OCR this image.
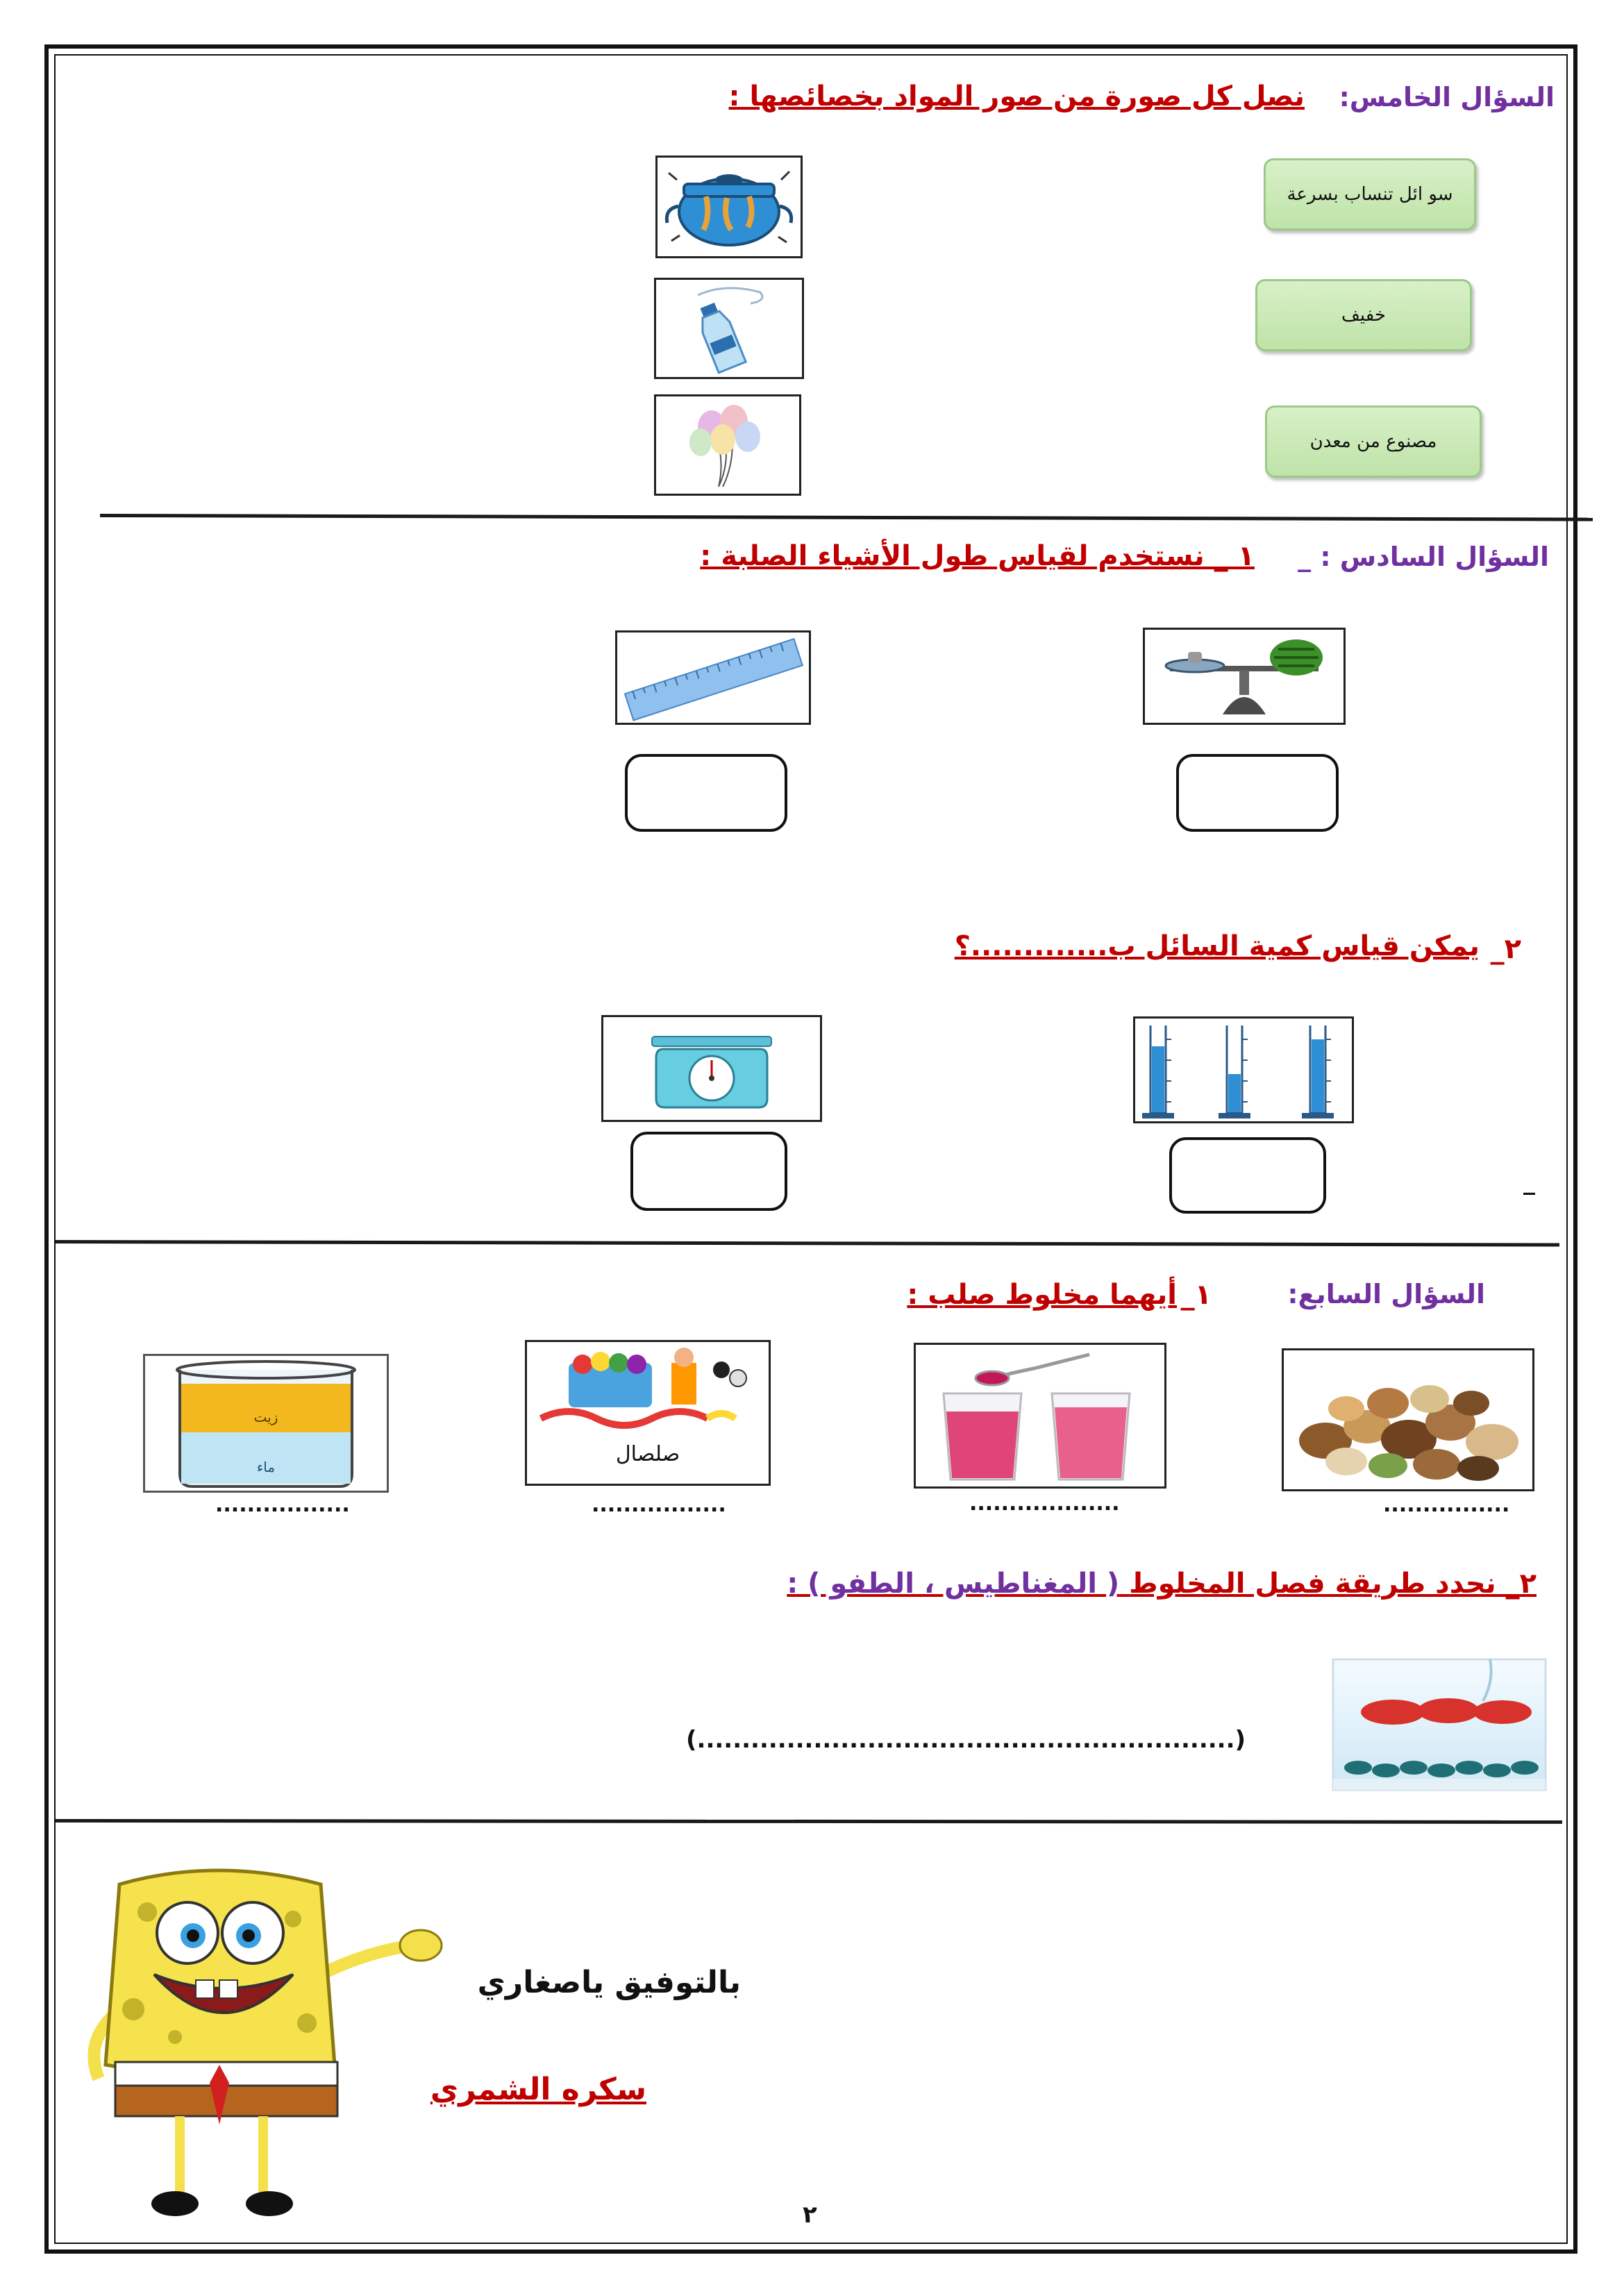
السؤال الخامس:
نصل كل صورة من صور المواد بخصائصها :
سو ائل تنساب بسرعة
خفيف
مصنوع من معدن
السؤال السادس : _
١ _ نستخدم لقياس طول الأشياء الصلبة :
٢_
يمكن قياس كمية السائل ب.............؟
_
السؤال السابع:
١_
أيهما مخلوط صلب :
................
...................
صلصال
.................
زيت
ماء
.................
٢_ نحدد طريقة فصل المخلوط ( المغناطيس ، الطفو ) :
(............................................................)
بالتوفيق ياصغاري
سكره الشمري
٢
